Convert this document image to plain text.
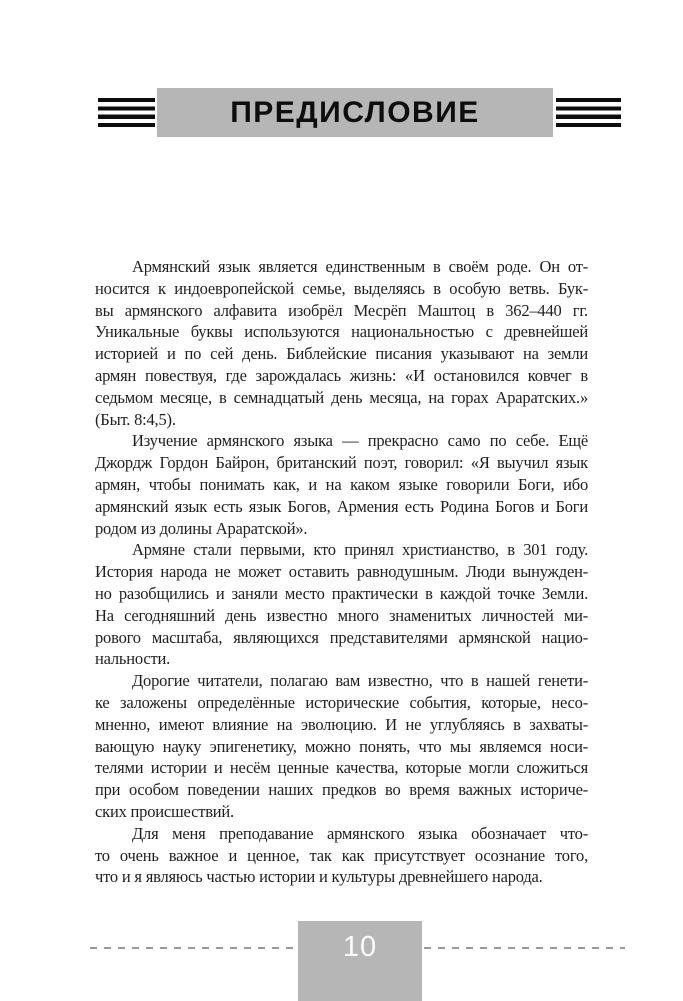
ПРЕДИСЛОВИЕ
Армянский язык является единственным в своём роде. Он от-
носится к индоевропейской семье, выделяясь в особую ветвь. Бук-
вы армянского алфавита изобрёл Месрёп Маштоц в 362–440 гг.
Уникальные буквы используются национальностью с древнейшей
историей и по сей день. Библейские писания указывают на земли
армян повествуя, где зарождалась жизнь: «И остановился ковчег в
седьмом месяце, в семнадцатый день месяца, на горах Араратских.»
(Быт. 8:4,5).
Изучение армянского языка — прекрасно само по себе. Ещё
Джордж Гордон Байрон, британский поэт, говорил: «Я выучил язык
армян, чтобы понимать как, и на каком языке говорили Боги, ибо
армянский язык есть язык Богов, Армения есть Родина Богов и Боги
родом из долины Араратской».
Армяне стали первыми, кто принял христианство, в 301 году.
История народа не может оставить равнодушным. Люди вынужден-
но разобщились и заняли место практически в каждой точке Земли.
На сегодняшний день известно много знаменитых личностей ми-
рового масштаба, являющихся представителями армянской нацио-
нальности.
Дорогие читатели, полагаю вам известно, что в нашей генети-
ке заложены определённые исторические события, которые, несо-
мненно, имеют влияние на эволюцию. И не углубляясь в захваты-
вающую науку эпигенетику, можно понять, что мы являемся носи-
телями истории и несём ценные качества, которые могли сложиться
при особом поведении наших предков во время важных историче-
ских происшествий.
Для меня преподавание армянского языка обозначает что-
то очень важное и ценное, так как присутствует осознание того,
что и я являюсь частью истории и культуры древнейшего народа.
10
